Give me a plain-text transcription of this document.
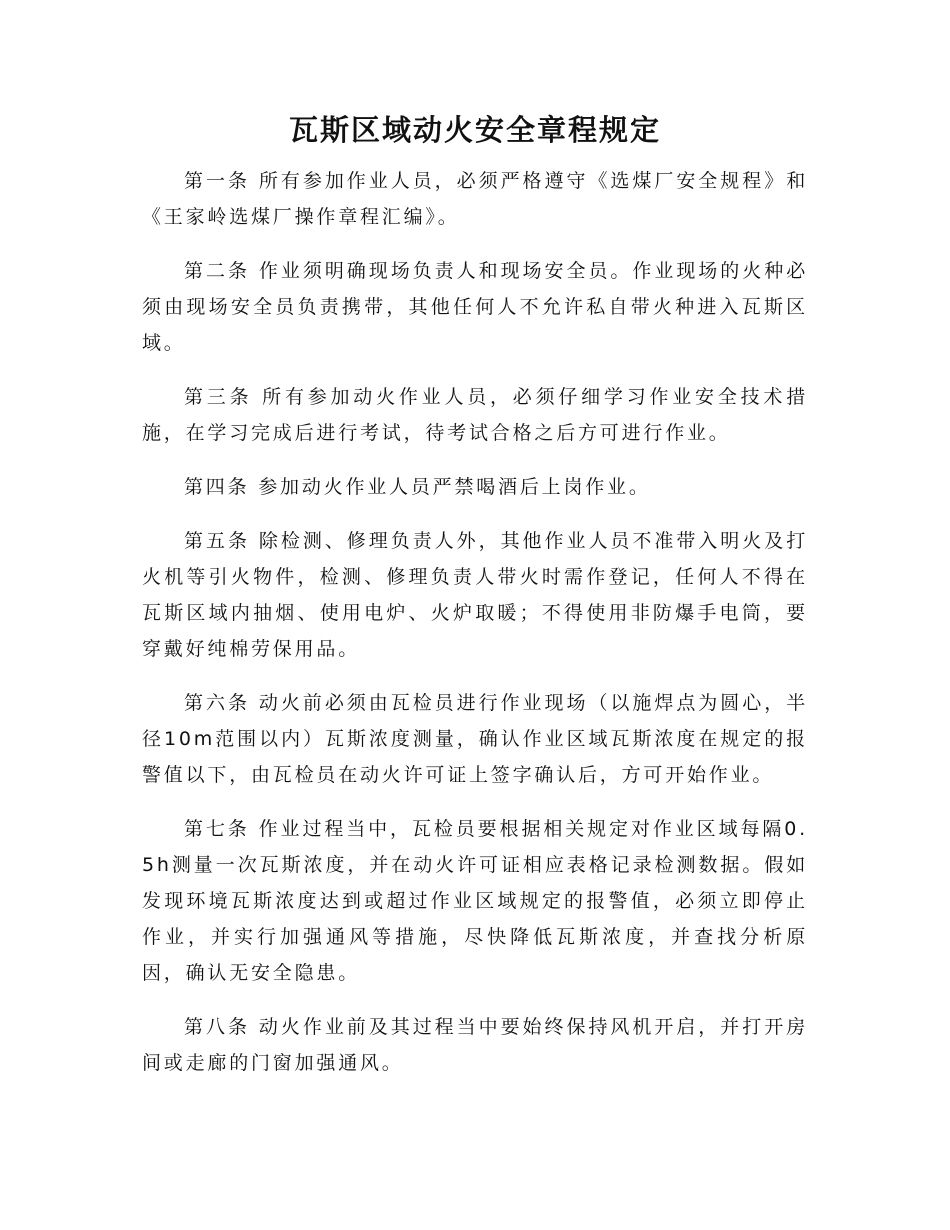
瓦斯区域动火安全章程规定

第一条 所有参加作业人员，必须严格遵守《选煤厂安全规程》和《王家岭选煤厂操作章程汇编》。

第二条 作业须明确现场负责人和现场安全员。作业现场的火种必须由现场安全员负责携带，其他任何人不允许私自带火种进入瓦斯区域。

第三条 所有参加动火作业人员，必须仔细学习作业安全技术措施，在学习完成后进行考试，待考试合格之后方可进行作业。

第四条 参加动火作业人员严禁喝酒后上岗作业。

第五条 除检测、修理负责人外，其他作业人员不准带入明火及打火机等引火物件，检测、修理负责人带火时需作登记，任何人不得在瓦斯区域内抽烟、使用电炉、火炉取暖；不得使用非防爆手电筒，要穿戴好纯棉劳保用品。

第六条 动火前必须由瓦检员进行作业现场（以施焊点为圆心，半径10m范围以内）瓦斯浓度测量，确认作业区域瓦斯浓度在规定的报警值以下，由瓦检员在动火许可证上签字确认后，方可开始作业。

第七条 作业过程当中，瓦检员要根据相关规定对作业区域每隔0.5h测量一次瓦斯浓度，并在动火许可证相应表格记录检测数据。假如发现环境瓦斯浓度达到或超过作业区域规定的报警值，必须立即停止作业，并实行加强通风等措施，尽快降低瓦斯浓度，并查找分析原因，确认无安全隐患。

第八条 动火作业前及其过程当中要始终保持风机开启，并打开房间或走廊的门窗加强通风。
